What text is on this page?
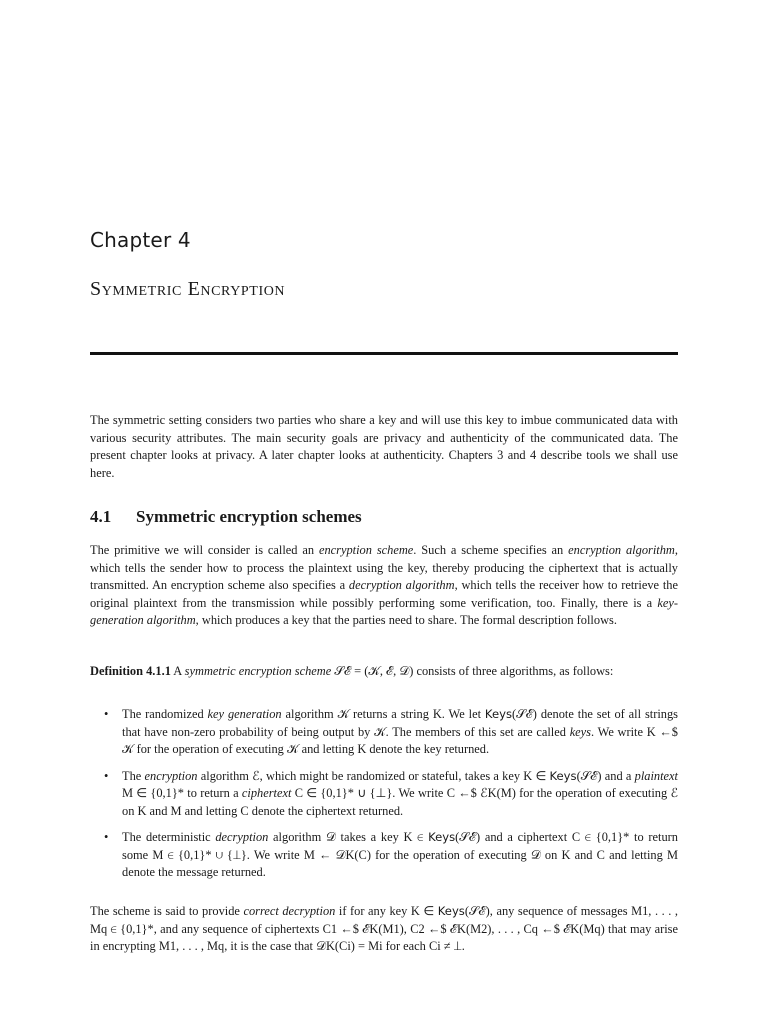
Chapter 4
Symmetric Encryption

The symmetric setting considers two parties who share a key and will use this key to imbue communicated data with various security attributes. The main security goals are privacy and authenticity of the communicated data. The present chapter looks at privacy. A later chapter looks at authenticity. Chapters 3 and 4 describe tools we shall use here.

4.1 Symmetric encryption schemes

The primitive we will consider is called an encryption scheme. Such a scheme specifies an encryption algorithm, which tells the sender how to process the plaintext using the key, thereby producing the ciphertext that is actually transmitted. An encryption scheme also specifies a decryption algorithm, which tells the receiver how to retrieve the original plaintext from the transmission while possibly performing some verification, too. Finally, there is a key-generation algorithm, which produces a key that the parties need to share. The formal description follows.

Definition 4.1.1 A symmetric encryption scheme 𝒮ℰ = (𝒦, ℰ, 𝒟) consists of three algorithms, as follows:

• The randomized key generation algorithm 𝒦 returns a string K. We let Keys(𝒮ℰ) denote the set of all strings that have non-zero probability of being output by 𝒦. The members of this set are called keys. We write K ←$ 𝒦 for the operation of executing 𝒦 and letting K denote the key returned.
• The encryption algorithm ℰ, which might be randomized or stateful, takes a key K ∈ Keys(𝒮ℰ) and a plaintext M ∈ {0,1}* to return a ciphertext C ∈ {0,1}* ∪ {⊥}. We write C ←$ ℰK(M) for the operation of executing ℰ on K and M and letting C denote the ciphertext returned.
• The deterministic decryption algorithm 𝒟 takes a key K ∈ Keys(𝒮ℰ) and a ciphertext C ∈ {0,1}* to return some M ∈ {0,1}* ∪ {⊥}. We write M ← 𝒟K(C) for the operation of executing 𝒟 on K and C and letting M denote the message returned.

The scheme is said to provide correct decryption if for any key K ∈ Keys(𝒮ℰ), any sequence of messages M1, . . . , Mq ∈ {0,1}*, and any sequence of ciphertexts C1 ←$ ℰK(M1), C2 ←$ ℰK(M2), . . . , Cq ←$ ℰK(Mq) that may arise in encrypting M1, . . . , Mq, it is the case that 𝒟K(Ci) = Mi for each Ci ≠ ⊥.
